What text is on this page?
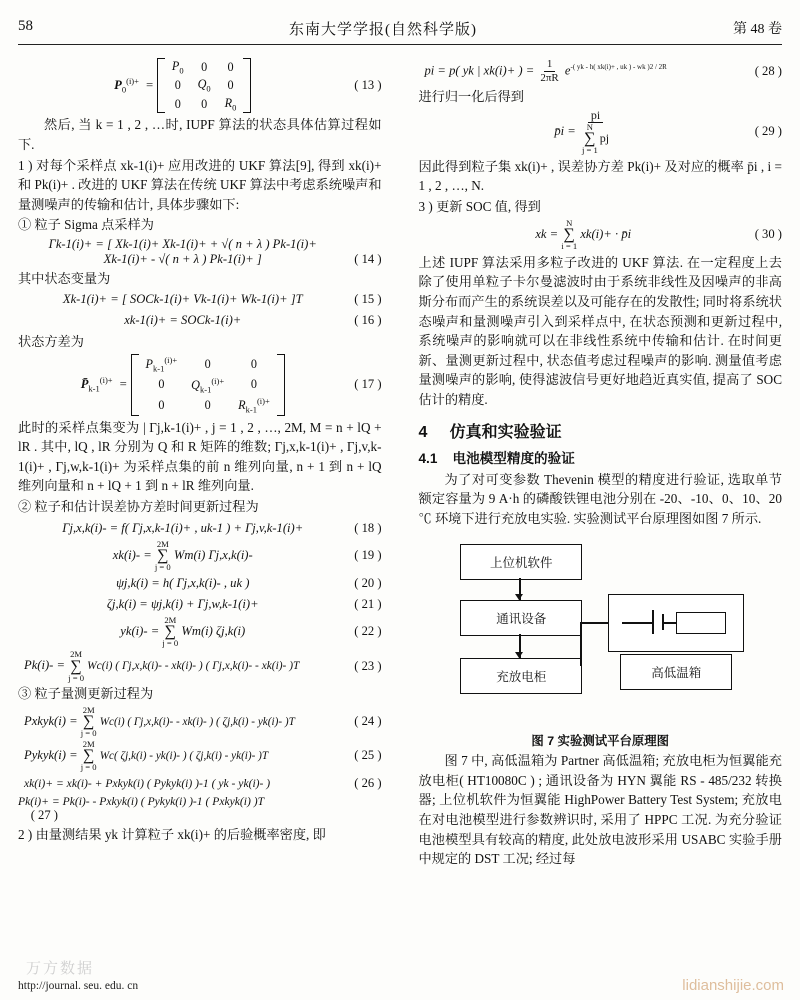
58	东南大学学报(自然科学版)	第 48 卷
$P_0^{(i)+}$  =
$P_0$	0	0
0	$Q_0$	0
0	0	$R_0$
( 13 )

然后, 当 k = 1 , 2 , …时, IUPF 算法的状态具体估算过程如下.

1 ) 对每个采样点 xk-1(i)+ 应用改进的 UKF 算法[9], 得到 xk(i)+ 和 Pk(i)+ . 改进的 UKF 算法在传统 UKF 算法中考虑系统噪声和量测噪声的传输和估计, 具体步骤如下:

① 粒子 Sigma 点采样为

Γk-1(i)+ = [ Xk-1(i)+ Xk-1(i)+ + √( n + λ ) Pk-1(i)+
Xk-1(i)+ - √( n + λ ) Pk-1(i)+ ]	( 14 )

其中状态变量为

Xk-1(i)+ = [ SOCk-1(i)+ Vk-1(i)+ Wk-1(i)+ ]T	( 15 )
xk-1(i)+ = SOCk-1(i)+	( 16 )

状态方差为

$P̄_{k-1}^{(i)+}$  =
$P_{k-1}^{(i)+}$	0	0
0	$Q_{k-1}^{(i)+}$	0
0	0	$R_{k-1}^{(i)+}$
( 17 )

此时的采样点集变为 | Γj,k-1(i)+ , j = 1 , 2 , …, 2M, M = n + lQ + lR . 其中, lQ , lR 分别为 Q 和 R 矩阵的维数; Γj,x,k-1(i)+ , Γj,v,k-1(i)+ , Γj,w,k-1(i)+ 为采样点集的前 n 维列向量, n + 1 到 n + lQ 维列向量和 n + lQ + 1 到 n + lR 维列向量.

② 粒子和估计误差协方差时间更新过程为

Γj,x,k(i)- = f( Γj,x,k-1(i)+ , uk-1 ) + Γj,v,k-1(i)+	( 18 )
xk(i)- =
2M
∑
j = 0
Wm(i) Γj,x,k(i)-	( 19 )
ψj,k(i) = h( Γj,x,k(i)- , uk )	( 20 )
ζj,k(i) = ψj,k(i) + Γj,w,k-1(i)+	( 21 )
yk(i)- =
2M
∑
j = 0
Wm(i) ζj,k(i)	( 22 )
Pk(i)- =
2M
∑
j = 0
Wc(i) ( Γj,x,k(i)- - xk(i)- ) ( Γj,x,k(i)- - xk(i)- )T	( 23 )

③ 粒子量测更新过程为

Pxkyk(i) =
2M
∑
j = 0
Wc(i) ( Γj,x,k(i)- - xk(i)- ) ( ζj,k(i) - yk(i)- )T	( 24 )
Pykyk(i) =
2M
∑
j = 0
Wc( ζj,k(i) - yk(i)- ) ( ζj,k(i) - yk(i)- )T	( 25 )
xk(i)+ = xk(i)- + Pxkyk(i) ( Pykyk(i) )-1 ( yk - yk(i)- )	( 26 )
Pk(i)+ = Pk(i)- - Pxkyk(i) ( Pykyk(i) )-1 ( Pxkyk(i) )T
( 27 )

2 ) 由量测结果 yk 计算粒子 xk(i)+ 的后验概率密度, 即

pi = p( yk | xk(i)+ ) = $\frac{1}{2\pi R} e^{-( yk - h( xk(i)+ , uk ) - wk )2 / 2R}$	( 28 )

进行归一化后得到

p̄i =
pi
N
∑
j = 1
pj	( 29 )

因此得到粒子集 xk(i)+ , 误差协方差 Pk(i)+ 及对应的概率 p̄i , i = 1 , 2 , …, N.

3 ) 更新 SOC 值, 得到

xk =
N
∑
i = 1
xk(i)+ · p̄i	( 30 )

上述 IUPF 算法采用多粒子改进的 UKF 算法. 在一定程度上去除了使用单粒子卡尔曼滤波时由于系统非线性及因噪声的非高斯分布而产生的系统误差以及可能存在的发散性; 同时将系统状态噪声和量测噪声引入到采样点中, 在状态预测和更新过程中, 系统噪声的影响就可以在非线性系统中传输和估计. 在时间更新、量测更新过程中, 状态值考虑过程噪声的影响. 测量值考虑量测噪声的影响, 使得滤波信号更好地趋近真实值, 提高了 SOC 估计的精度.

4 仿真和实验验证
4.1 电池模型精度的验证

为了对可变参数 Thevenin 模型的精度进行验证, 选取单节额定容量为 9 A·h 的磷酸铁锂电池分别在 -20、-10、0、10、20 ℃ 环境下进行充放电实验. 实验测试平台原理图如图 7 所示.

上位机软件
通讯设备
充放电柜	高低温箱
图 7 实验测试平台原理图

图 7 中, 高低温箱为 Partner 高低温箱; 充放电柜为恒翼能充放电柜( HT10080C ) ; 通讯设备为 HYN 翼能 RS - 485/232 转换器; 上位机软件为恒翼能 HighPower Battery Test System; 充放电在对电池模型进行参数辨识时, 采用了 HPPC 工况. 为充分验证电池模型具有较高的精度, 此处放电波形采用 USABC 实验手册中规定的 DST 工况; 经过每

万方数据
http://journal. seu. edu. cn	lidianshijie.com
